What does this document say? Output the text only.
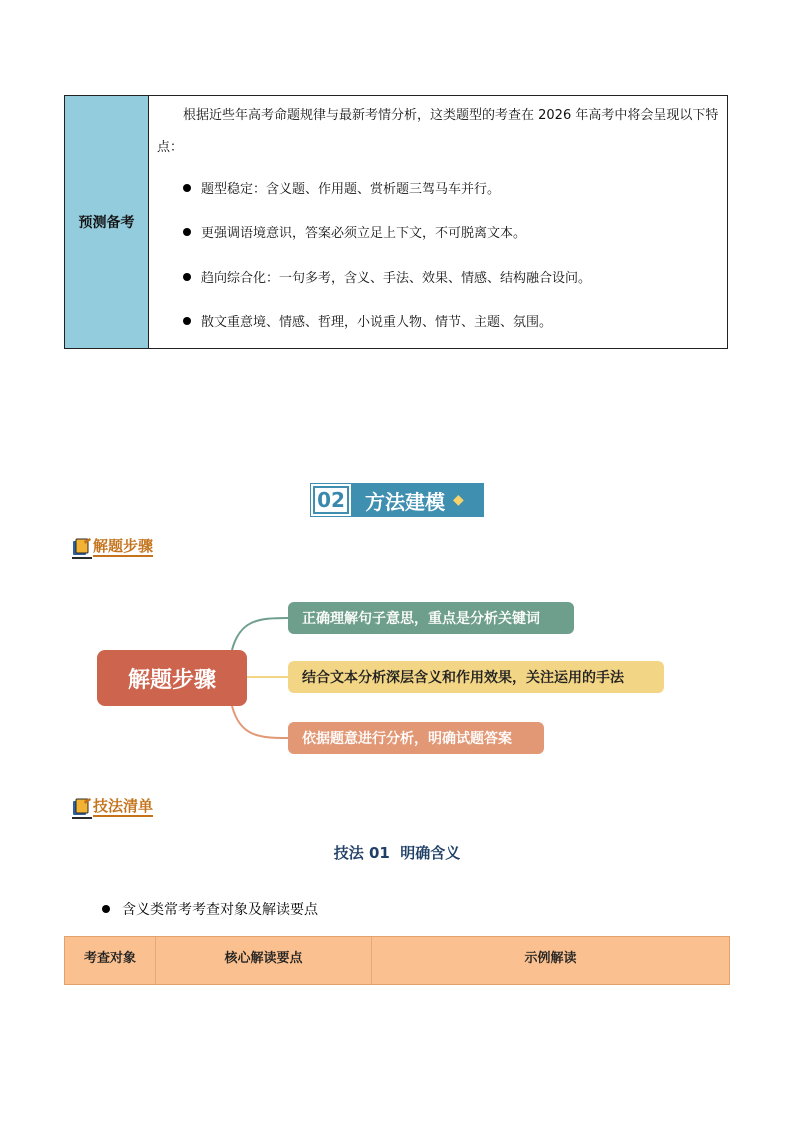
预测备考

根据近些年高考命题规律与最新考情分析，这类题型的考查在 2026 年高考中将会呈现以下特点：

题型稳定：含义题、作用题、赏析题三驾马车并行。
更强调语境意识，答案必须立足上下文，不可脱离文本。
趋向综合化：一句多考，含义、手法、效果、情感、结构融合设问。
散文重意境、情感、哲理，小说重人物、情节、主题、氛围。
02 方法建模 ◆
解题步骤
解题步骤
正确理解句子意思，重点是分析关键词
结合文本分析深层含义和作用效果，关注运用的手法
依据题意进行分析，明确试题答案
技法清单
技法 01  明确含义
含义类常考考查对象及解读要点
考查对象	核心解读要点	示例解读
